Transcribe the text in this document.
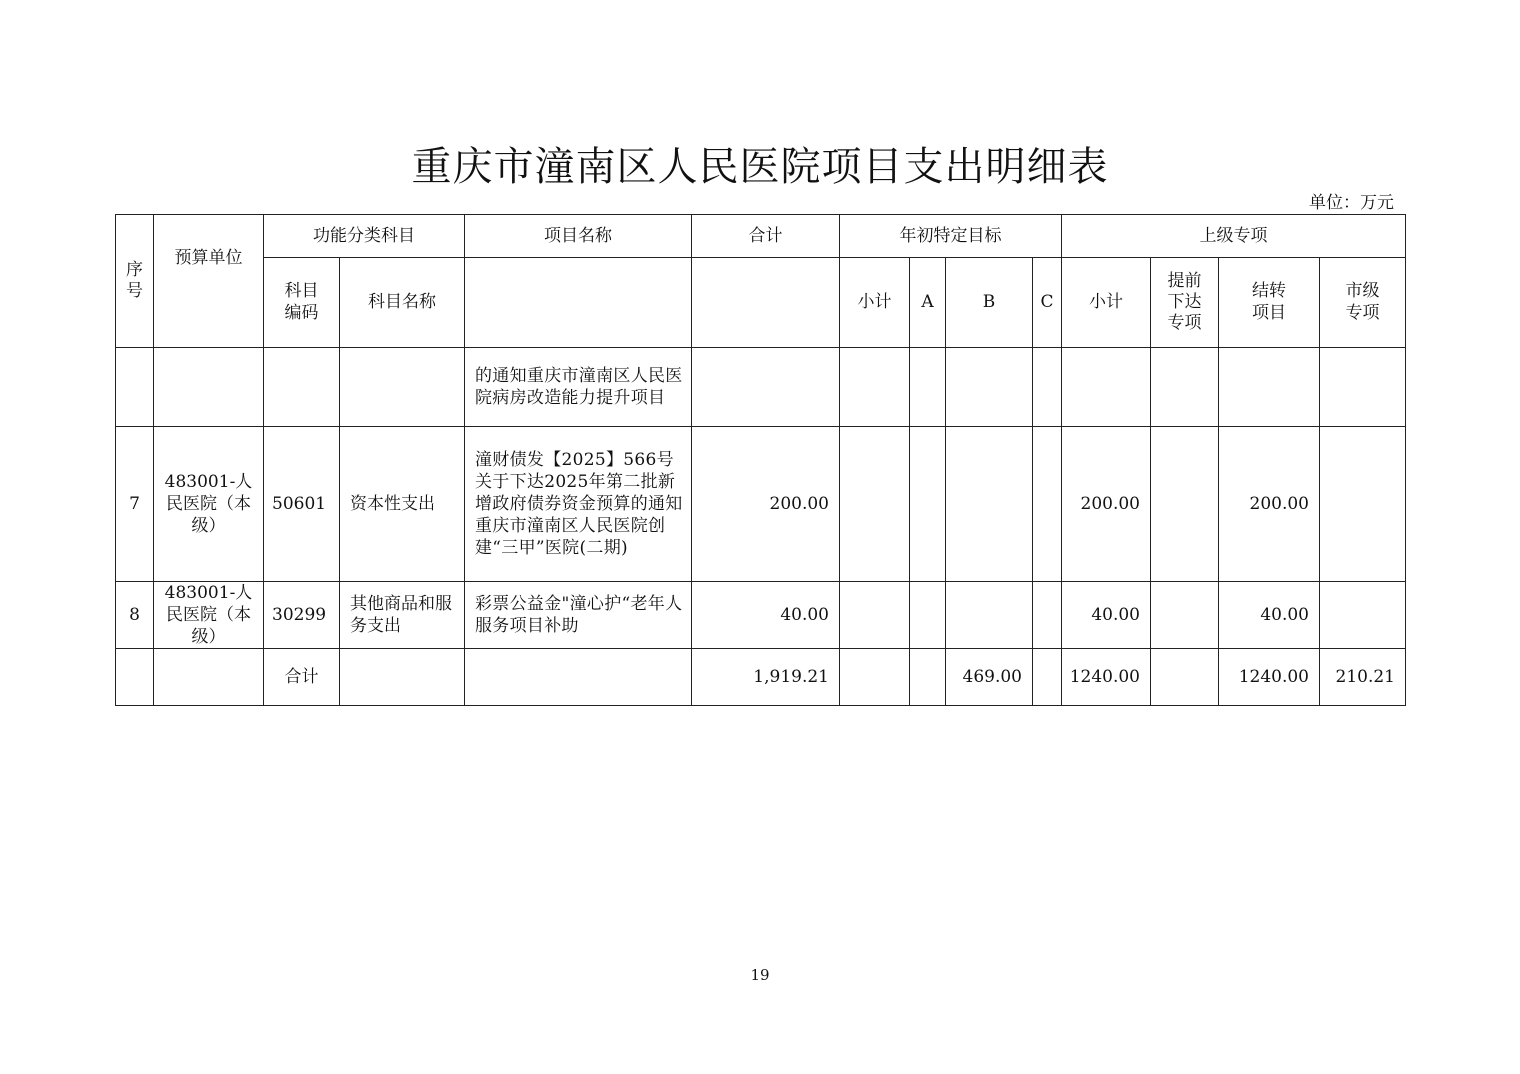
重庆市潼南区人民医院项目支出明细表
单位：万元
序号	预算单位	功能分类科目		项目名称	合计	年初特定目标				上级专项			

		科目编码	科目名称			小计	A	B	C	小计	提前下达专项	结转项目	市级专项

				的通知重庆市潼南区人民医院病房改造能力提升项目									
7	483001-人民医院（本级）	50601	资本性支出	潼财债发【2025】566号关于下达2025年第二批新增政府债券资金预算的通知重庆市潼南区人民医院创建“三甲”医院(二期)	200.00					200.00		200.00	
8	483001-人民医院（本级）	30299	其他商品和服务支出	彩票公益金"潼心护“老年人服务项目补助	40.00					40.00		40.00	
		合计			1,919.21			469.00		1240.00		1240.00	210.21
19
